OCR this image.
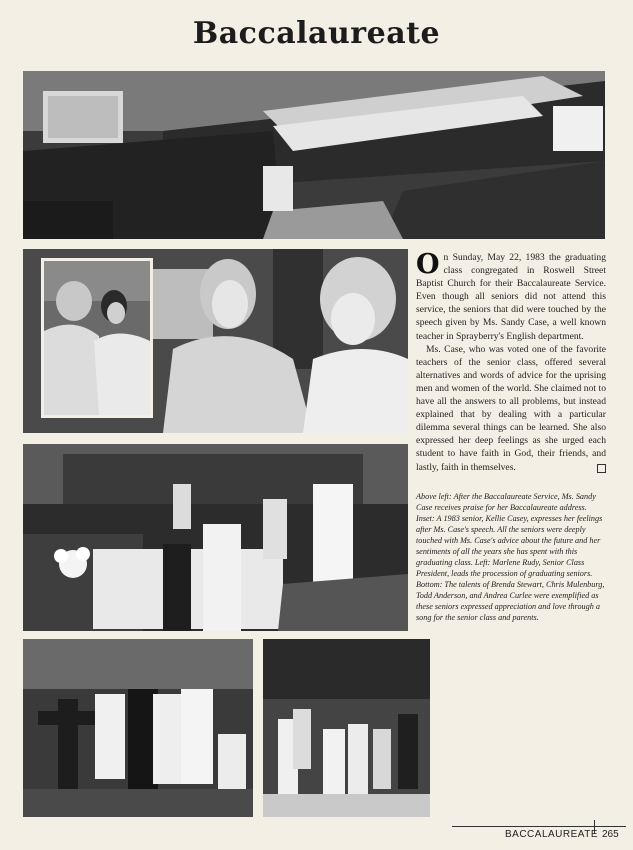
Baccalaureate

On Sunday, May 22, 1983 the graduating class congregated in Roswell Street Baptist Church for their Baccalaureate Service. Even though all seniors did not attend this service, the seniors that did were touched by the speech given by Ms. Sandy Case, a well known teacher in Sprayberry's English department.

Ms. Case, who was voted one of the favorite teachers of the senior class, offered several alternatives and words of advice for the uprising men and women of the world. She claimed not to have all the answers to all problems, but instead explained that by dealing with a particular dilemma several things can be learned. She also expressed her deep feelings as she urged each student to have faith in God, their friends, and lastly, faith in themselves.

Above left: After the Baccalaureate Service, Ms. Sandy Case receives praise for her Baccalaureate address. Inset: A 1983 senior, Kellie Casey, expresses her feelings after Ms. Case's speech. All the seniors were deeply touched with Ms. Case's advice about the future and her sentiments of all the years she has spent with this graduating class. Left: Marlene Rudy, Senior Class President, leads the procession of graduating seniors. Bottom: The talents of Brenda Stewart, Chris Mulenburg, Todd Anderson, and Andrea Curlee were exemplified as these seniors expressed appreciation and love through a song for the senior class and parents.

BACCALAUREATE 265
